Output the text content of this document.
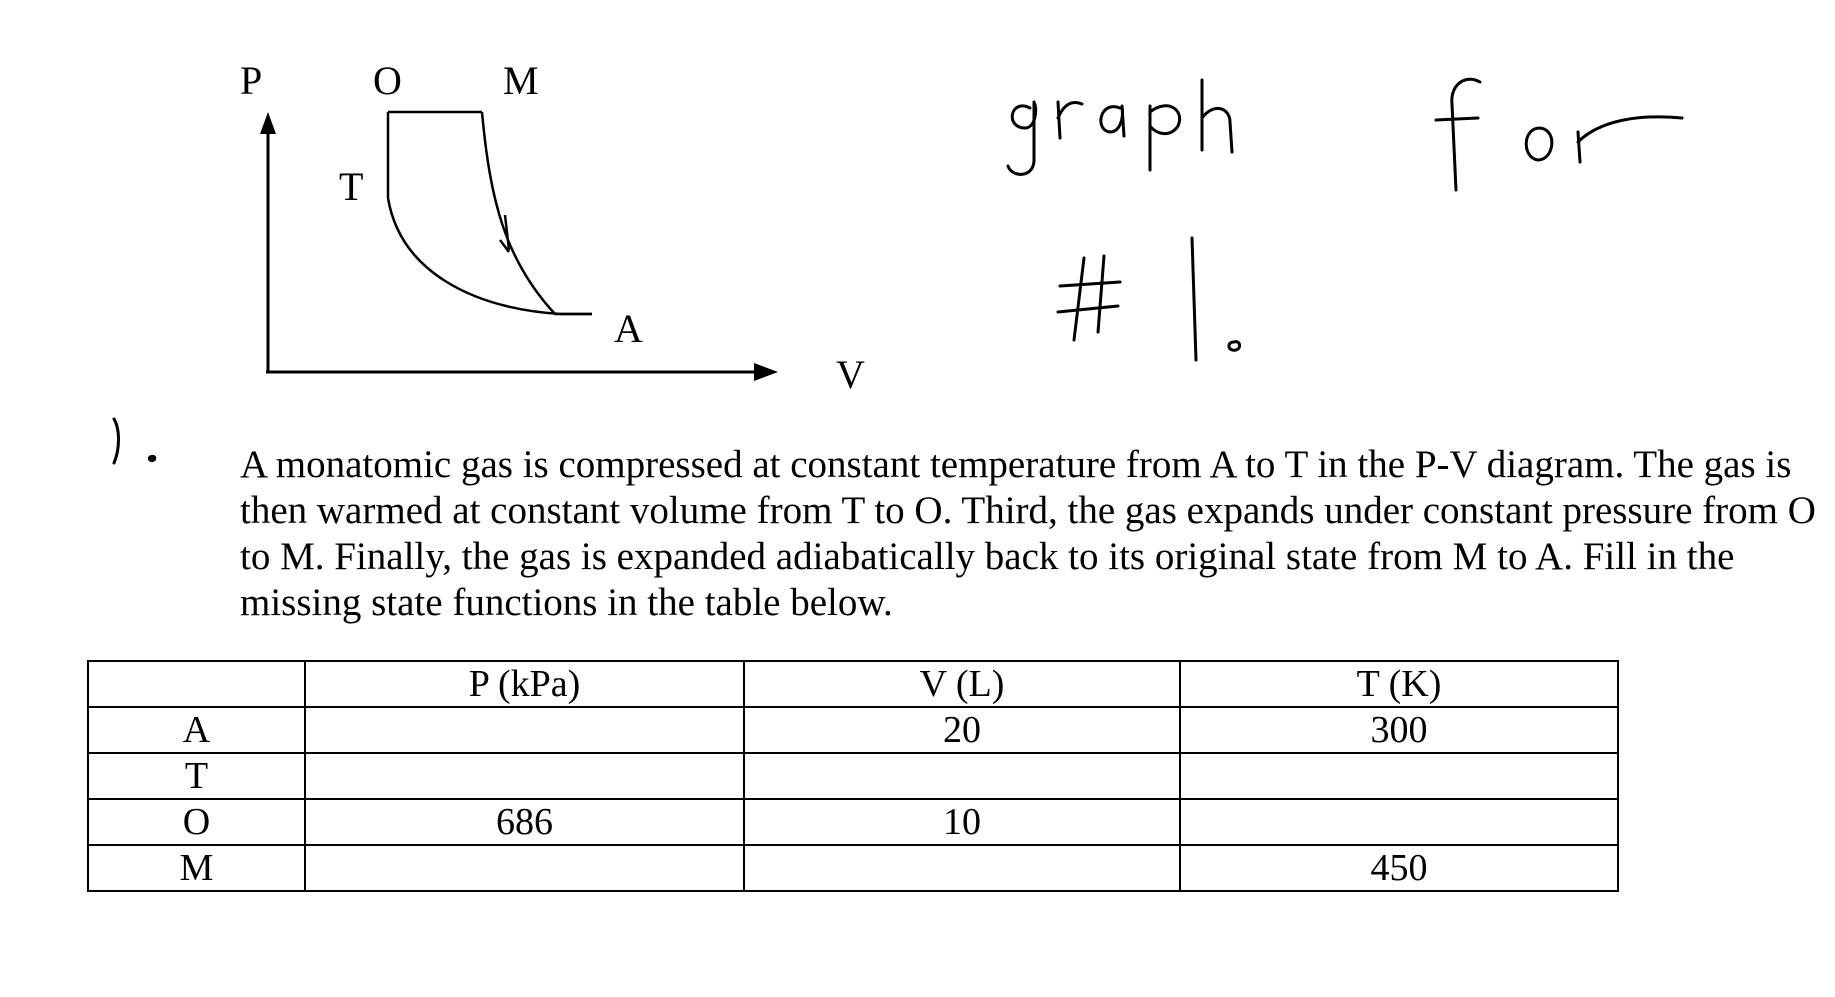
P	O	M
T
A
V

A monatomic gas is compressed at constant temperature from A to T in the P-V diagram. The gas is then warmed at constant volume from T to O. Third, the gas expands under constant pressure from O to M. Finally, the gas is expanded adiabatically back to its original state from M to A. Fill in the missing state functions in the table below.

	P (kPa)	V (L)	T (K)
A		20	300
T			
O	686	10	
M			450
